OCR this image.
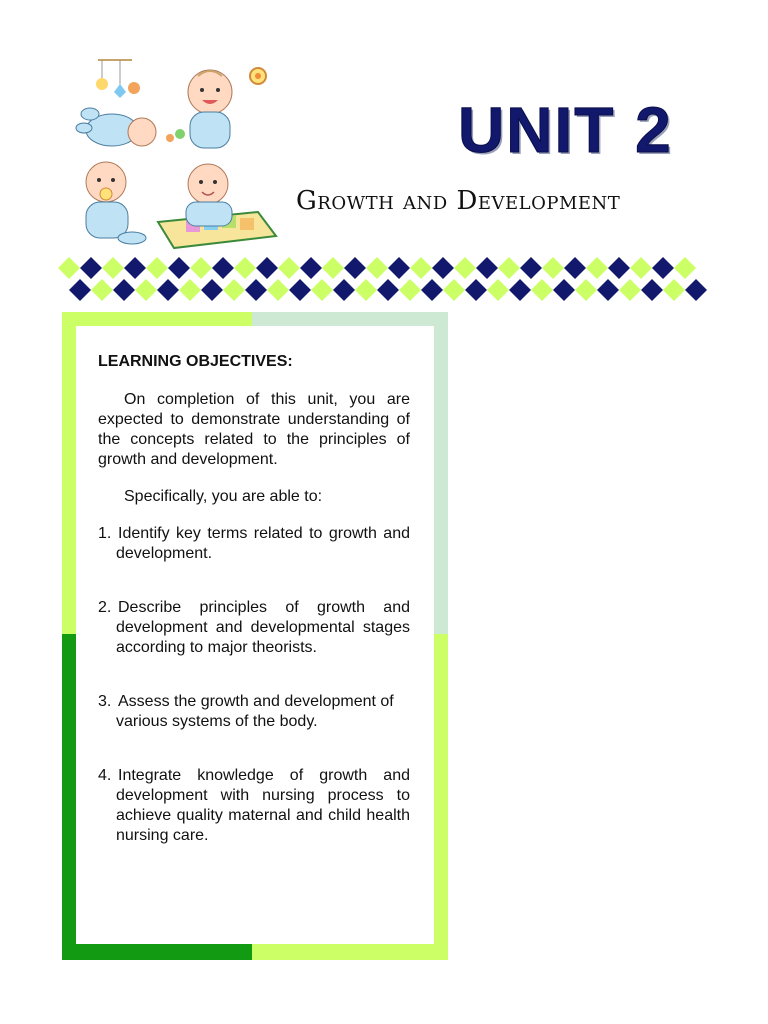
UNIT 2
Growth and Development
LEARNING OBJECTIVES:
On completion of this unit, you are expected to demonstrate understanding of the concepts related to the principles of growth and development.
Specifically, you are able to:
1. Identify key terms related to growth and development.
2. Describe principles of growth and development and developmental stages according to major theorists.
3. Assess the growth and development of various systems of the body.
4. Integrate knowledge of growth and development with nursing process to achieve quality maternal and child health nursing care.
